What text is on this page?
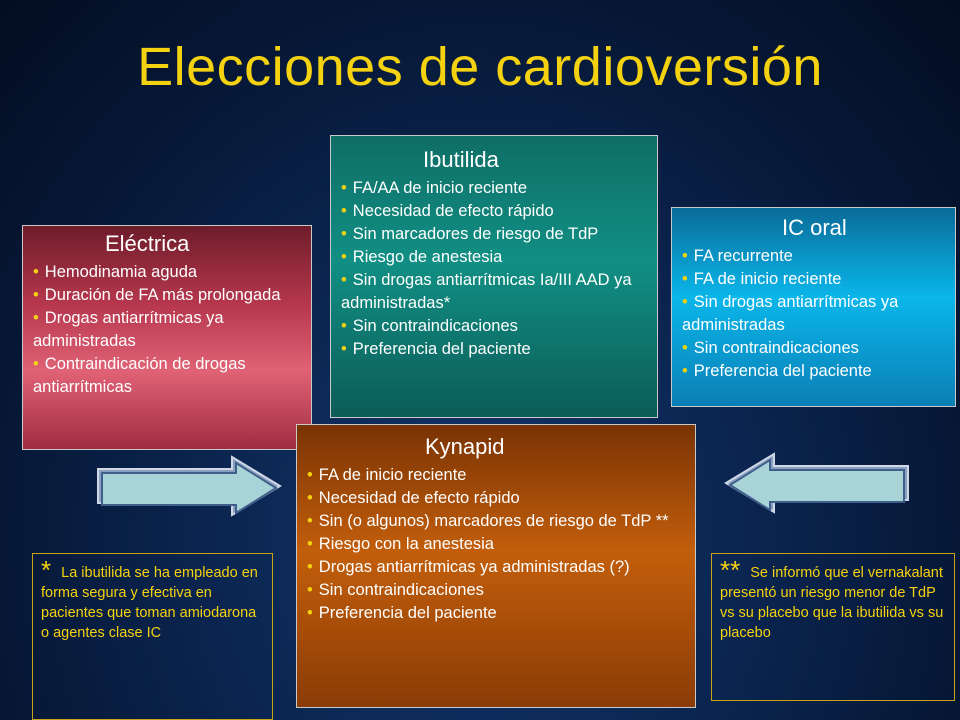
Elecciones de cardioversión
Eléctrica
• Hemodinamia aguda
• Duración de FA más prolongada
• Drogas antiarrítmicas ya administradas
• Contraindicación de drogas antiarrítmicas
Ibutilida
• FA/AA de inicio reciente
• Necesidad de efecto rápido
• Sin marcadores de riesgo de TdP
• Riesgo de anestesia
• Sin drogas antiarrítmicas Ia/III AAD ya administradas*
• Sin contraindicaciones
• Preferencia del paciente
IC oral
• FA recurrente
• FA de inicio reciente
• Sin drogas antiarrítmicas ya administradas
• Sin contraindicaciones
• Preferencia del paciente
Kynapid
• FA de inicio reciente
• Necesidad de efecto rápido
• Sin (o algunos) marcadores de riesgo de TdP **
• Riesgo con la anestesia
• Drogas antiarrítmicas ya administradas (?)
• Sin contraindicaciones
• Preferencia del paciente
* La ibutilida se ha empleado en forma segura y efectiva en pacientes que toman amiodarona o agentes clase IC
** Se informó que el vernakalant presentó un riesgo menor de TdP vs su placebo que la ibutilida vs su placebo
